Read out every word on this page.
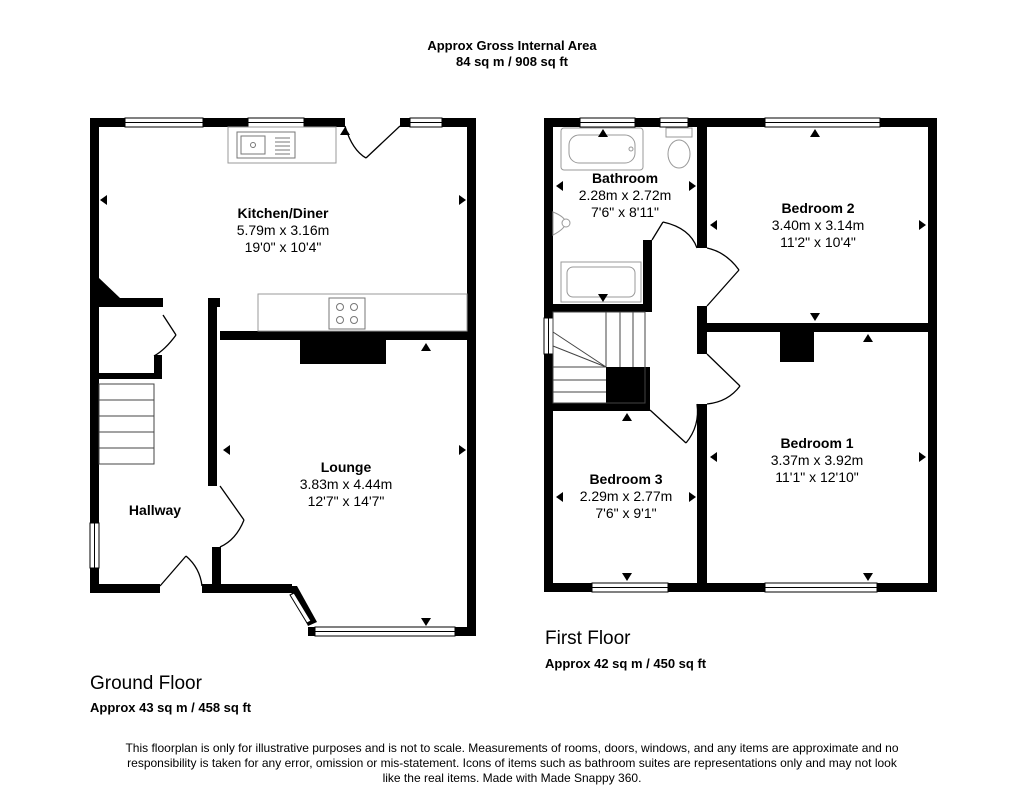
Approx Gross Internal Area
84 sq m / 908 sq ft
Kitchen/Diner
5.79m x 3.16m
19'0" x 10'4"
Lounge
3.83m x 4.44m
12'7" x 14'7"
Hallway
Bathroom
2.28m x 2.72m
7'6" x 8'11"	Bedroom 2
3.40m x 3.14m
11'2" x 10'4"
Bedroom 1
3.37m x 3.92m
11'1" x 12'10"
Bedroom 3
2.29m x 2.77m
7'6" x 9'1"
First Floor
Approx 42 sq m / 450 sq ft
Ground Floor
Approx 43 sq m / 458 sq ft
This floorplan is only for illustrative purposes and is not to scale. Measurements of rooms, doors, windows, and any items are approximate and no responsibility is taken for any error, omission or mis-statement. Icons of items such as bathroom suites are representations only and may not look like the real items. Made with Made Snappy 360.
